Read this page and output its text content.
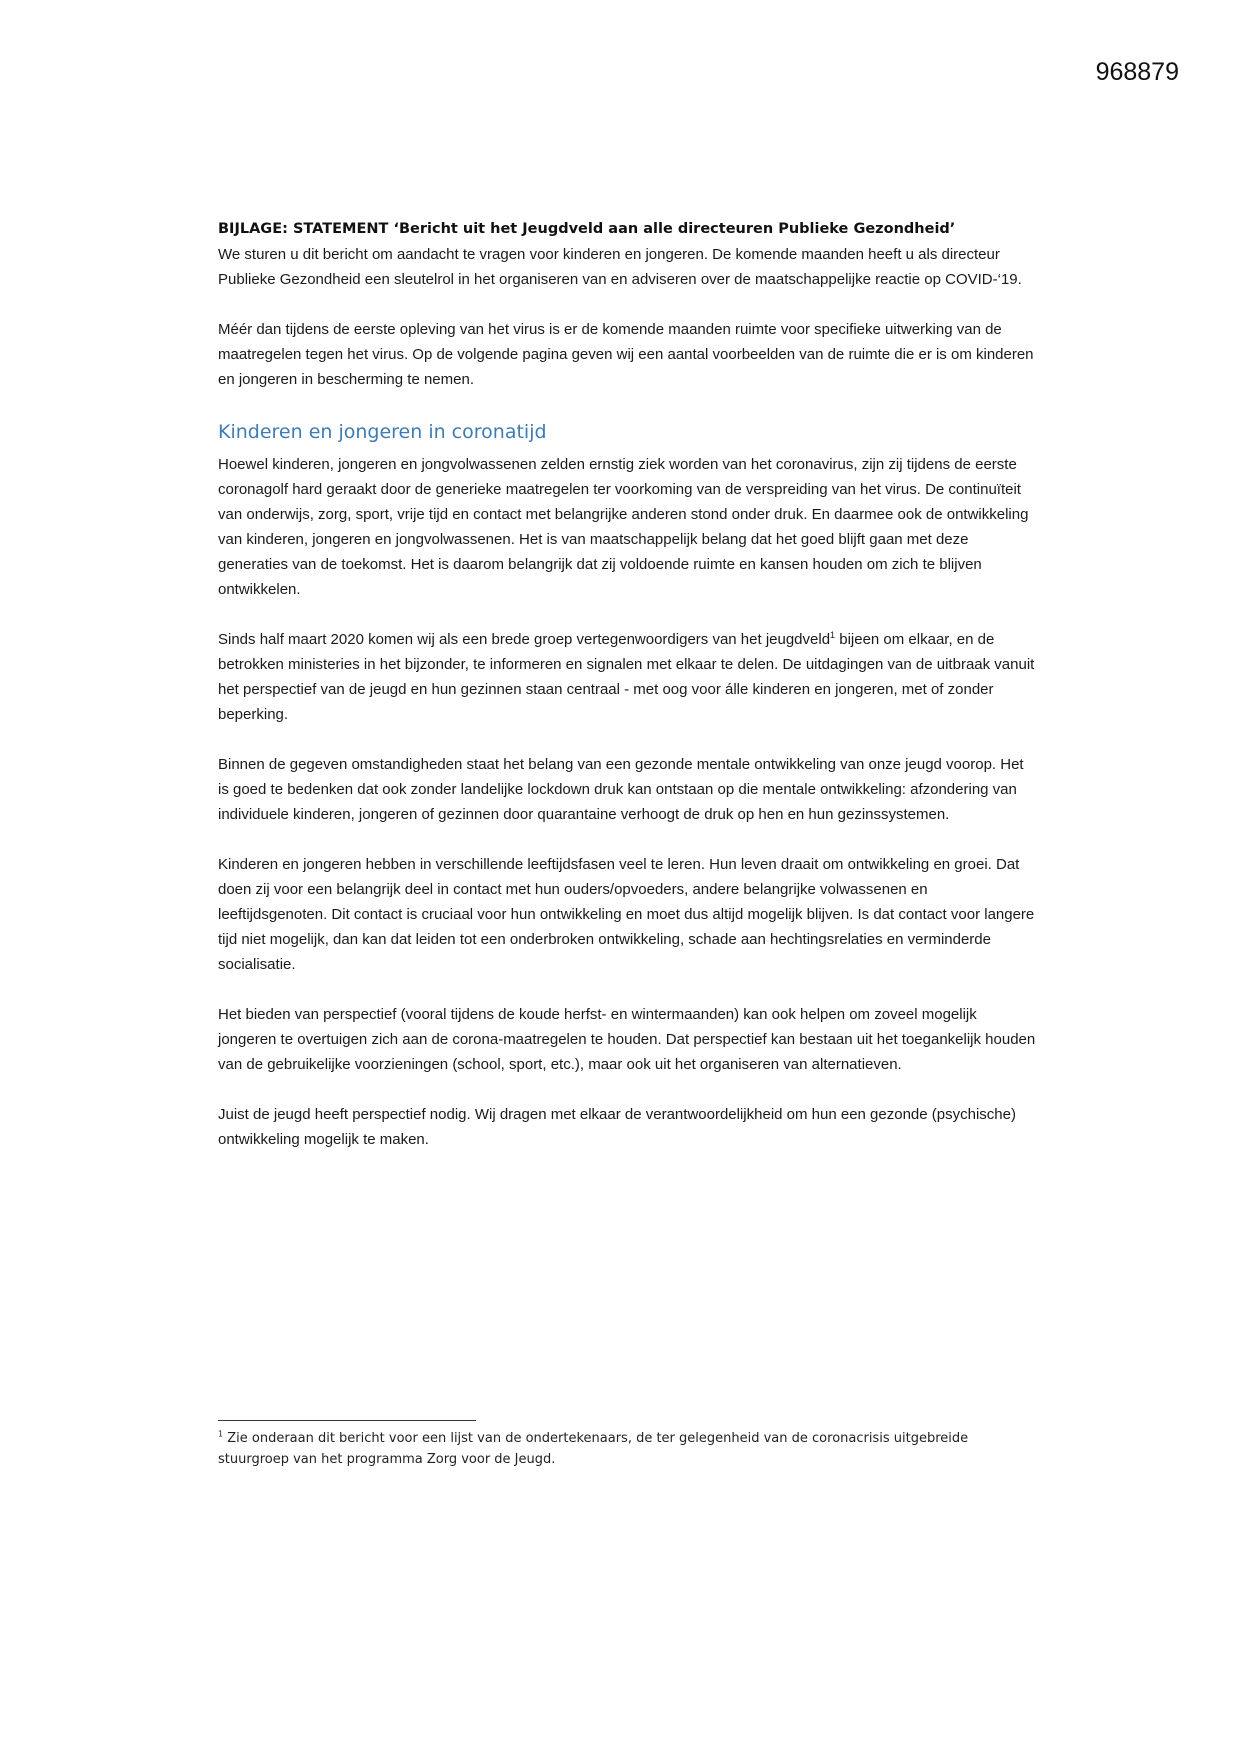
968879

BIJLAGE: STATEMENT ‘Bericht uit het Jeugdveld aan alle directeuren Publieke Gezondheid’

We sturen u dit bericht om aandacht te vragen voor kinderen en jongeren. De komende maanden heeft u als directeur Publieke Gezondheid een sleutelrol in het organiseren van en adviseren over de maatschappelijke reactie op COVID-‘19.

Méér dan tijdens de eerste opleving van het virus is er de komende maanden ruimte voor specifieke uitwerking van de maatregelen tegen het virus. Op de volgende pagina geven wij een aantal voorbeelden van de ruimte die er is om kinderen en jongeren in bescherming te nemen.

Kinderen en jongeren in coronatijd

Hoewel kinderen, jongeren en jongvolwassenen zelden ernstig ziek worden van het coronavirus, zijn zij tijdens de eerste coronagolf hard geraakt door de generieke maatregelen ter voorkoming van de verspreiding van het virus. De continuïteit van onderwijs, zorg, sport, vrije tijd en contact met belangrijke anderen stond onder druk. En daarmee ook de ontwikkeling van kinderen, jongeren en jongvolwassenen. Het is van maatschappelijk belang dat het goed blijft gaan met deze generaties van de toekomst. Het is daarom belangrijk dat zij voldoende ruimte en kansen houden om zich te blijven ontwikkelen.

Sinds half maart 2020 komen wij als een brede groep vertegenwoordigers van het jeugdveld$^1$ bijeen om elkaar, en de betrokken ministeries in het bijzonder, te informeren en signalen met elkaar te delen. De uitdagingen van de uitbraak vanuit het perspectief van de jeugd en hun gezinnen staan centraal - met oog voor álle kinderen en jongeren, met of zonder beperking.

Binnen de gegeven omstandigheden staat het belang van een gezonde mentale ontwikkeling van onze jeugd voorop. Het is goed te bedenken dat ook zonder landelijke lockdown druk kan ontstaan op die mentale ontwikkeling: afzondering van individuele kinderen, jongeren of gezinnen door quarantaine verhoogt de druk op hen en hun gezinssystemen.

Kinderen en jongeren hebben in verschillende leeftijdsfasen veel te leren. Hun leven draait om ontwikkeling en groei. Dat doen zij voor een belangrijk deel in contact met hun ouders/opvoeders, andere belangrijke volwassenen en leeftijdsgenoten. Dit contact is cruciaal voor hun ontwikkeling en moet dus altijd mogelijk blijven. Is dat contact voor langere tijd niet mogelijk, dan kan dat leiden tot een onderbroken ontwikkeling, schade aan hechtingsrelaties en verminderde socialisatie.

Het bieden van perspectief (vooral tijdens de koude herfst- en wintermaanden) kan ook helpen om zoveel mogelijk jongeren te overtuigen zich aan de corona-maatregelen te houden. Dat perspectief kan bestaan uit het toegankelijk houden van de gebruikelijke voorzieningen (school, sport, etc.), maar ook uit het organiseren van alternatieven.

Juist de jeugd heeft perspectief nodig. Wij dragen met elkaar de verantwoordelijkheid om hun een gezonde (psychische) ontwikkeling mogelijk te maken.

$^1$ Zie onderaan dit bericht voor een lijst van de ondertekenaars, de ter gelegenheid van de coronacrisis uitgebreide stuurgroep van het programma Zorg voor de Jeugd.
